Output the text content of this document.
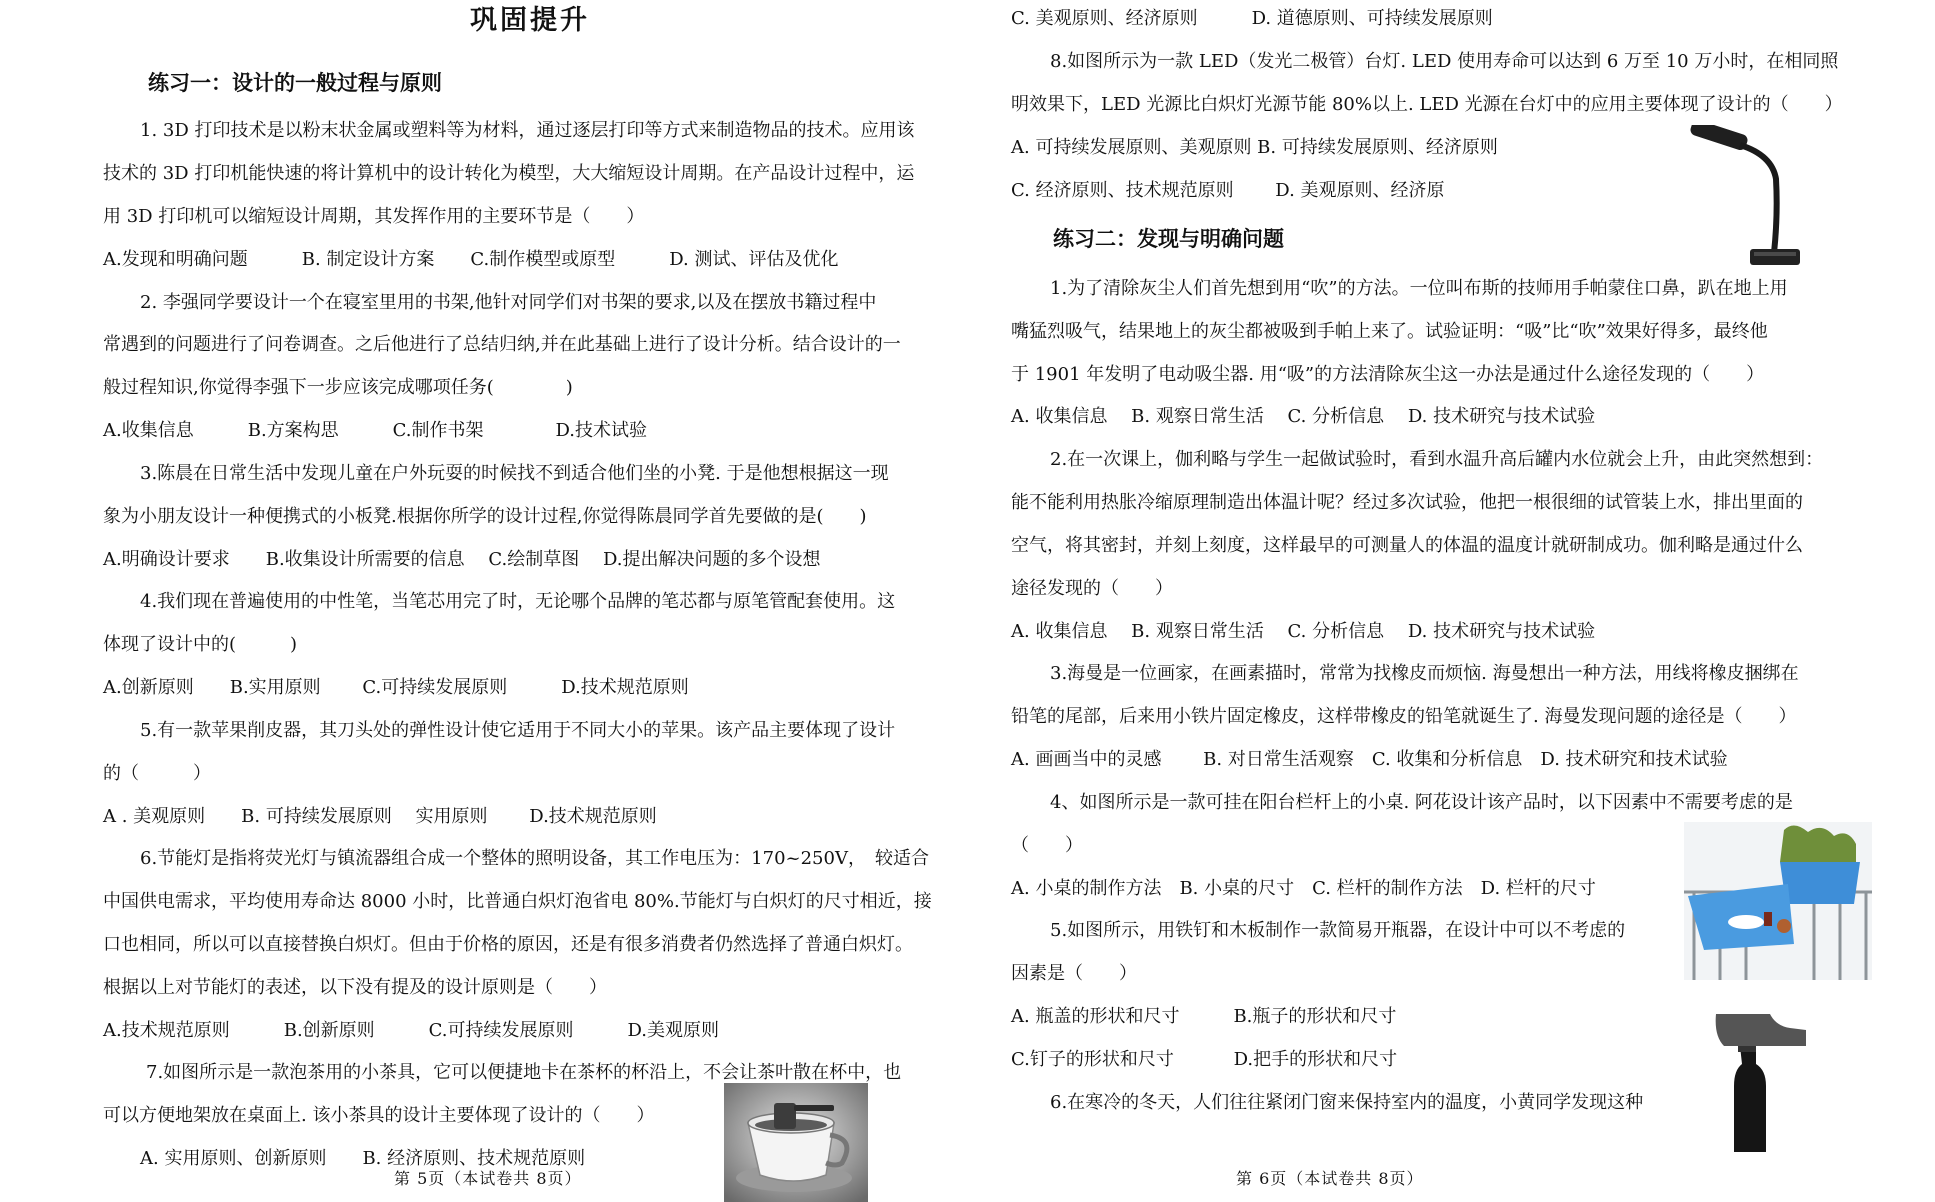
巩固提升
练习一：设计的一般过程与原则
1. 3D 打印技术是以粉末状金属或塑料等为材料，通过逐层打印等方式来制造物品的技术。应用该
技术的 3D 打印机能快速的将计算机中的设计转化为模型，大大缩短设计周期。在产品设计过程中，运
用 3D 打印机可以缩短设计周期，其发挥作用的主要环节是（　　）
A.发现和明确问题　　　B. 制定设计方案　　C.制作模型或原型　　　D. 测试、评估及优化
2. 李强同学要设计一个在寝室里用的书架,他针对同学们对书架的要求,以及在摆放书籍过程中
常遇到的问题进行了问卷调查。之后他进行了总结归纳,并在此基础上进行了设计分析。结合设计的一
般过程知识,你觉得李强下一步应该完成哪项任务(　　　　)
A.收集信息　　　B.方案构思　　　C.制作书架　　　　D.技术试验
3.陈晨在日常生活中发现儿童在户外玩耍的时候找不到适合他们坐的小凳. 于是他想根据这一现
象为小朋友设计一种便携式的小板凳.根据你所学的设计过程,你觉得陈晨同学首先要做的是(　　)
A.明确设计要求　　B.收集设计所需要的信息　 C.绘制草图　 D.提出解决问题的多个设想
4.我们现在普遍使用的中性笔，当笔芯用完了时，无论哪个品牌的笔芯都与原笔管配套使用。这
体现了设计中的(　　　)
A.创新原则　　B.实用原则　　 C.可持续发展原则　　　D.技术规范原则
5.有一款苹果削皮器，其刀头处的弹性设计使它适用于不同大小的苹果。该产品主要体现了设计
的（　　　）
A . 美观原则　　B. 可持续发展原则　 实用原则　　 D.技术规范原则
6.节能灯是指将荧光灯与镇流器组合成一个整体的照明设备，其工作电压为：170~250V，　较适合
中国供电需求，平均使用寿命达 8000 小时，比普通白炽灯泡省电 80%.节能灯与白炽灯的尺寸相近，接
口也相同，所以可以直接替换白炽灯。但由于价格的原因，还是有很多消费者仍然选择了普通白炽灯。
根据以上对节能灯的表述，以下没有提及的设计原则是（　　）
A.技术规范原则　　　B.创新原则　　　C.可持续发展原则　　　D.美观原则
7.如图所示是一款泡茶用的小茶具，它可以便捷地卡在茶杯的杯沿上，不会让茶叶散在杯中，也
可以方便地架放在桌面上. 该小茶具的设计主要体现了设计的（　　）
A. 实用原则、创新原则　　B. 经济原则、技术规范原则
第 5页（本试卷共 8页）
C. 美观原则、经济原则　　　D. 道德原则、可持续发展原则
8.如图所示为一款 LED（发光二极管）台灯. LED 使用寿命可以达到 6 万至 10 万小时，在相同照
明效果下，LED 光源比白炽灯光源节能 80%以上. LED 光源在台灯中的应用主要体现了设计的（　　）
A. 可持续发展原则、美观原则 B. 可持续发展原则、经济原则
C. 经济原则、技术规范原则　　 D. 美观原则、经济原
练习二：发现与明确问题
1.为了清除灰尘人们首先想到用“吹”的方法。一位叫布斯的技师用手帕蒙住口鼻，趴在地上用
嘴猛烈吸气，结果地上的灰尘都被吸到手帕上来了。试验证明：“吸”比“吹”效果好得多，最终他
于 1901 年发明了电动吸尘器. 用“吸”的方法清除灰尘这一办法是通过什么途径发现的（　　）
A. 收集信息　 B. 观察日常生活　 C. 分析信息　 D. 技术研究与技术试验
2.在一次课上，伽利略与学生一起做试验时，看到水温升高后罐内水位就会上升，由此突然想到：
能不能利用热胀冷缩原理制造出体温计呢？经过多次试验，他把一根很细的试管装上水，排出里面的
空气，将其密封，并刻上刻度，这样最早的可测量人的体温的温度计就研制成功。伽利略是通过什么
途径发现的（　　）
A. 收集信息　 B. 观察日常生活　 C. 分析信息　 D. 技术研究与技术试验
3.海曼是一位画家，在画素描时，常常为找橡皮而烦恼. 海曼想出一种方法，用线将橡皮捆绑在
铅笔的尾部，后来用小铁片固定橡皮，这样带橡皮的铅笔就诞生了. 海曼发现问题的途径是（　　）
A. 画画当中的灵感　　 B. 对日常生活观察　C. 收集和分析信息　D. 技术研究和技术试验
4、如图所示是一款可挂在阳台栏杆上的小桌. 阿花设计该产品时，以下因素中不需要考虑的是
（　　）
A. 小桌的制作方法　B. 小桌的尺寸　C. 栏杆的制作方法　D. 栏杆的尺寸
5.如图所示，用铁钉和木板制作一款简易开瓶器，在设计中可以不考虑的
因素是（　　）
A. 瓶盖的形状和尺寸　　　B.瓶子的形状和尺寸
C.钉子的形状和尺寸　　　 D.把手的形状和尺寸
6.在寒冷的冬天，人们往往紧闭门窗来保持室内的温度，小黄同学发现这种
第 6页（本试卷共 8页）
